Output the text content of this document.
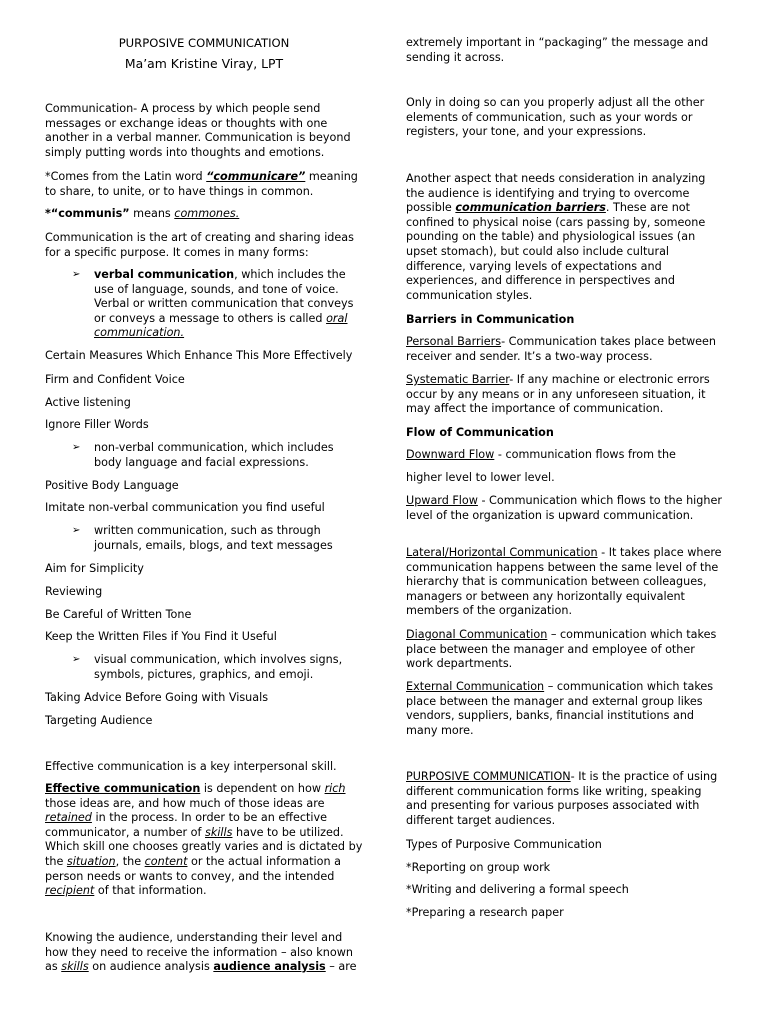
PURPOSIVE COMMUNICATION

Ma’am Kristine Viray, LPT

Communication- A process by which people send messages or exchange ideas or thoughts with one another in a verbal manner. Communication is beyond simply putting words into thoughts and emotions.

*Comes from the Latin word “communicare” meaning to share, to unite, or to have things in common.

*“communis” means commones.

Communication is the art of creating and sharing ideas for a specific purpose. It comes in many forms:

➢ verbal communication, which includes the use of language, sounds, and tone of voice. Verbal or written communication that conveys or conveys a message to others is called oral communication.

Certain Measures Which Enhance This More Effectively

Firm and Confident Voice

Active listening

Ignore Filler Words

➢ non-verbal communication, which includes body language and facial expressions.

Positive Body Language

Imitate non-verbal communication you find useful

➢ written communication, such as through journals, emails, blogs, and text messages

Aim for Simplicity

Reviewing

Be Careful of Written Tone

Keep the Written Files if You Find it Useful

➢ visual communication, which involves signs, symbols, pictures, graphics, and emoji.

Taking Advice Before Going with Visuals

Targeting Audience

Effective communication is a key interpersonal skill.

Effective communication is dependent on how rich those ideas are, and how much of those ideas are retained in the process. In order to be an effective communicator, a number of skills have to be utilized. Which skill one chooses greatly varies and is dictated by the situation, the content or the actual information a person needs or wants to convey, and the intended recipient of that information.

Knowing the audience, understanding their level and how they need to receive the information – also known as skills on audience analysis audience analysis – are

extremely important in “packaging” the message and sending it across.

Only in doing so can you properly adjust all the other elements of communication, such as your words or registers, your tone, and your expressions.

Another aspect that needs consideration in analyzing the audience is identifying and trying to overcome possible communication barriers. These are not confined to physical noise (cars passing by, someone pounding on the table) and physiological issues (an upset stomach), but could also include cultural difference, varying levels of expectations and experiences, and difference in perspectives and communication styles.

Barriers in Communication

Personal Barriers- Communication takes place between receiver and sender. It’s a two-way process.

Systematic Barrier- If any machine or electronic errors occur by any means or in any unforeseen situation, it may affect the importance of communication.

Flow of Communication

Downward Flow - communication flows from the

higher level to lower level.

Upward Flow - Communication which flows to the higher level of the organization is upward communication.

Lateral/Horizontal Communication - It takes place where communication happens between the same level of the hierarchy that is communication between colleagues, managers or between any horizontally equivalent members of the organization.

Diagonal Communication – communication which takes place between the manager and employee of other work departments.

External Communication – communication which takes place between the manager and external group likes vendors, suppliers, banks, financial institutions and many more.

PURPOSIVE COMMUNICATION- It is the practice of using different communication forms like writing, speaking and presenting for various purposes associated with different target audiences.

Types of Purposive Communication

*Reporting on group work

*Writing and delivering a formal speech

*Preparing a research paper
